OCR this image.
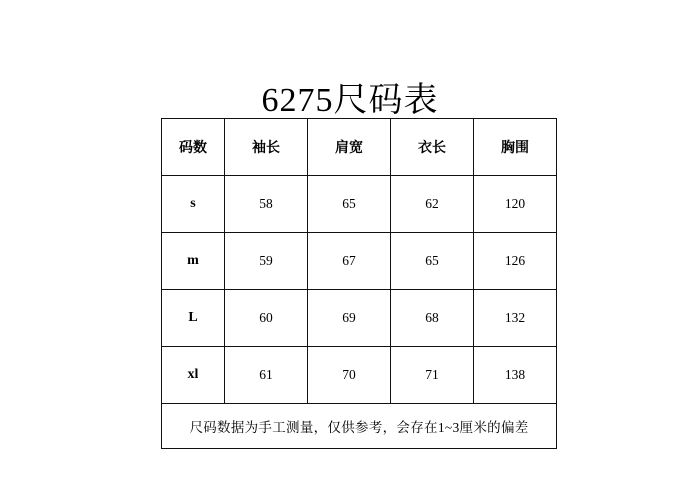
6275尺码表
码数	袖长	肩宽	衣长	胸围
s	58	65	62	120
m	59	67	65	126
L	60	69	68	132
xl	61	70	71	138
尺码数据为手工测量，仅供参考，会存在1~3厘米的偏差				
